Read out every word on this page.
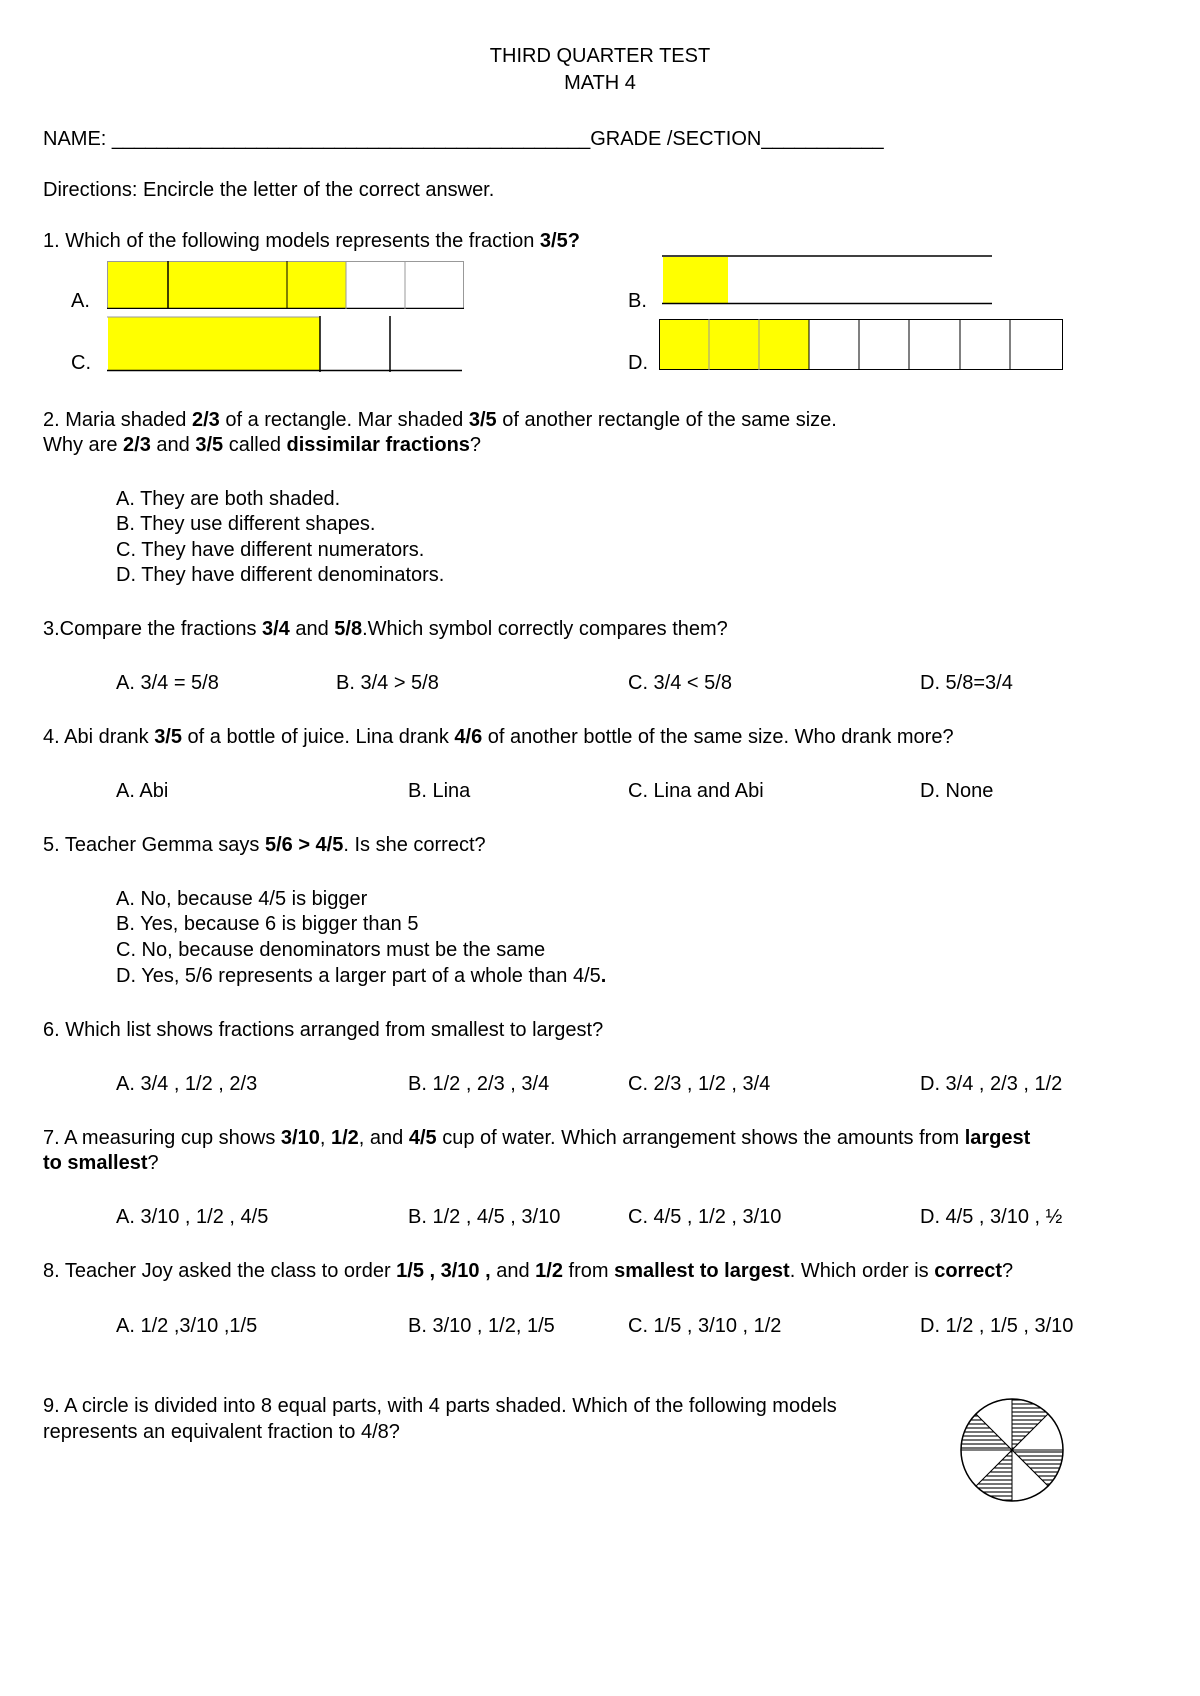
THIRD QUARTER TEST
MATH 4
NAME: ___________________________________________GRADE /SECTION___________
Directions: Encircle the letter of the correct answer.
1. Which of the following models represents the fraction 3/5?
A.	B.
C.	D.
2. Maria shaded 2/3 of a rectangle. Mar shaded 3/5 of another rectangle of the same size.
Why are 2/3 and 3/5 called dissimilar fractions?
A. They are both shaded.
B. They use different shapes.
C. They have different numerators.
D. They have different denominators.
3.Compare the fractions 3/4 and 5/8.Which symbol correctly compares them?
A. 3/4 = 5/8	B. 3/4 > 5/8	C. 3/4 < 5/8	D. 5/8=3/4
4. Abi drank 3/5 of a bottle of juice. Lina drank 4/6 of another bottle of the same size. Who drank more?
A. Abi	B. Lina	C. Lina and Abi	D. None
5. Teacher Gemma says 5/6 > 4/5. Is she correct?
A. No, because 4/5 is bigger
B. Yes, because 6 is bigger than 5
C. No, because denominators must be the same
D. Yes, 5/6 represents a larger part of a whole than 4/5.
6. Which list shows fractions arranged from smallest to largest?
A. 3/4 , 1/2 , 2/3	B. 1/2 , 2/3 , 3/4	C. 2/3 , 1/2 , 3/4	D. 3/4 , 2/3 , 1/2
7. A measuring cup shows 3/10, 1/2, and 4/5 cup of water. Which arrangement shows the amounts from largest
to smallest?
A. 3/10 , 1/2 , 4/5	B. 1/2 , 4/5 , 3/10	C. 4/5 , 1/2 , 3/10	D. 4/5 , 3/10 , ½
8. Teacher Joy asked the class to order 1/5 , 3/10 , and 1/2 from smallest to largest. Which order is correct?
A. 1/2 ,3/10 ,1/5	B. 3/10 , 1/2, 1/5	C. 1/5 , 3/10 , 1/2	D. 1/2 , 1/5 , 3/10
9. A circle is divided into 8 equal parts, with 4 parts shaded. Which of the following models
represents an equivalent fraction to 4/8?
